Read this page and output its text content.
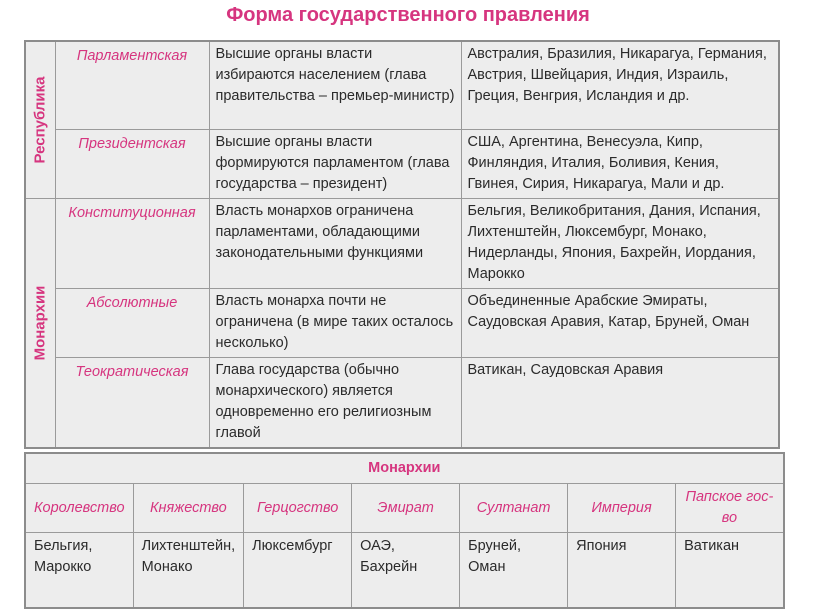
Форма государственного правления
Республика	Парламентская	Высшие органы власти избираются населением (глава правительства – премьер-министр)	Австралия, Бразилия, Никарагуа, Германия, Австрия, Швейцария, Индия, Израиль, Греция, Венгрия, Исландия и др.
	Президентская	Высшие органы власти формируются парламентом (глава государства – президент)	США, Аргентина, Венесуэла, Кипр, Финляндия, Италия, Боливия, Кения, Гвинея, Сирия, Никарагуа, Мали и др.

Монархии	Конституционная	Власть монархов ограничена парламентами, обладающими законодательными функциями	Бельгия, Великобритания, Дания, Испания, Лихтенштейн, Люксембург, Монако, Нидерланды, Япония, Бахрейн, Иордания, Марокко
	Абсолютные	Власть монарха почти не ограничена (в мире таких осталось несколько)	Объединенные Арабские Эмираты, Саудовская Аравия, Катар, Бруней, Оман
	Теократическая	Глава государства (обычно монархического) является одновременно его религиозным главой	Ватикан, Саудовская Аравия
Монархии						
Королевство	Княжество	Герцогство	Эмират	Султанат	Империя	Папское гос-во
Бельгия, Марокко	Лихтенштейн, Монако	Люксембург	ОАЭ, Бахрейн	Бруней, Оман	Япония	Ватикан
